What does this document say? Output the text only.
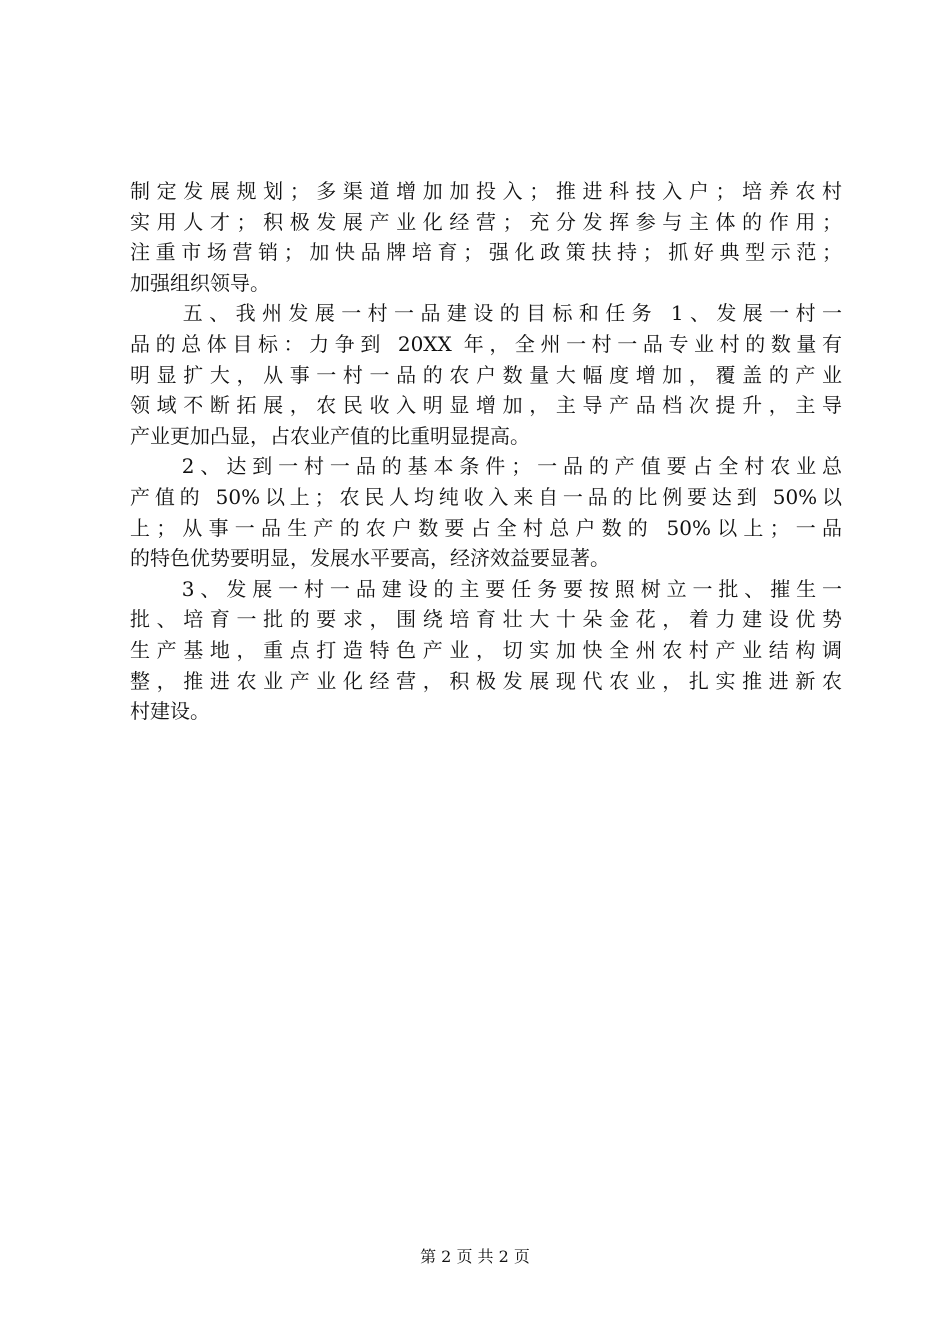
制定发展规划；多渠道增加加投入；推进科技入户；培养农村
实用人才；积极发展产业化经营；充分发挥参与主体的作用；
注重市场营销；加快品牌培育；强化政策扶持；抓好典型示范；
加强组织领导。
　　五、我州发展一村一品建设的目标和任务 1、发展一村一
品的总体目标：力争到 20XX 年，全州一村一品专业村的数量有
明显扩大，从事一村一品的农户数量大幅度增加，覆盖的产业
领域不断拓展，农民收入明显增加，主导产品档次提升，主导
产业更加凸显，占农业产值的比重明显提高。
　　2、达到一村一品的基本条件；一品的产值要占全村农业总
产值的 50%以上；农民人均纯收入来自一品的比例要达到 50%以
上；从事一品生产的农户数要占全村总户数的 50%以上；一品
的特色优势要明显，发展水平要高，经济效益要显著。
　　3、发展一村一品建设的主要任务要按照树立一批、摧生一
批、培育一批的要求，围绕培育壮大十朵金花，着力建设优势
生产基地，重点打造特色产业，切实加快全州农村产业结构调
整，推进农业产业化经营，积极发展现代农业，扎实推进新农
村建设。
第 2 页 共 2 页
